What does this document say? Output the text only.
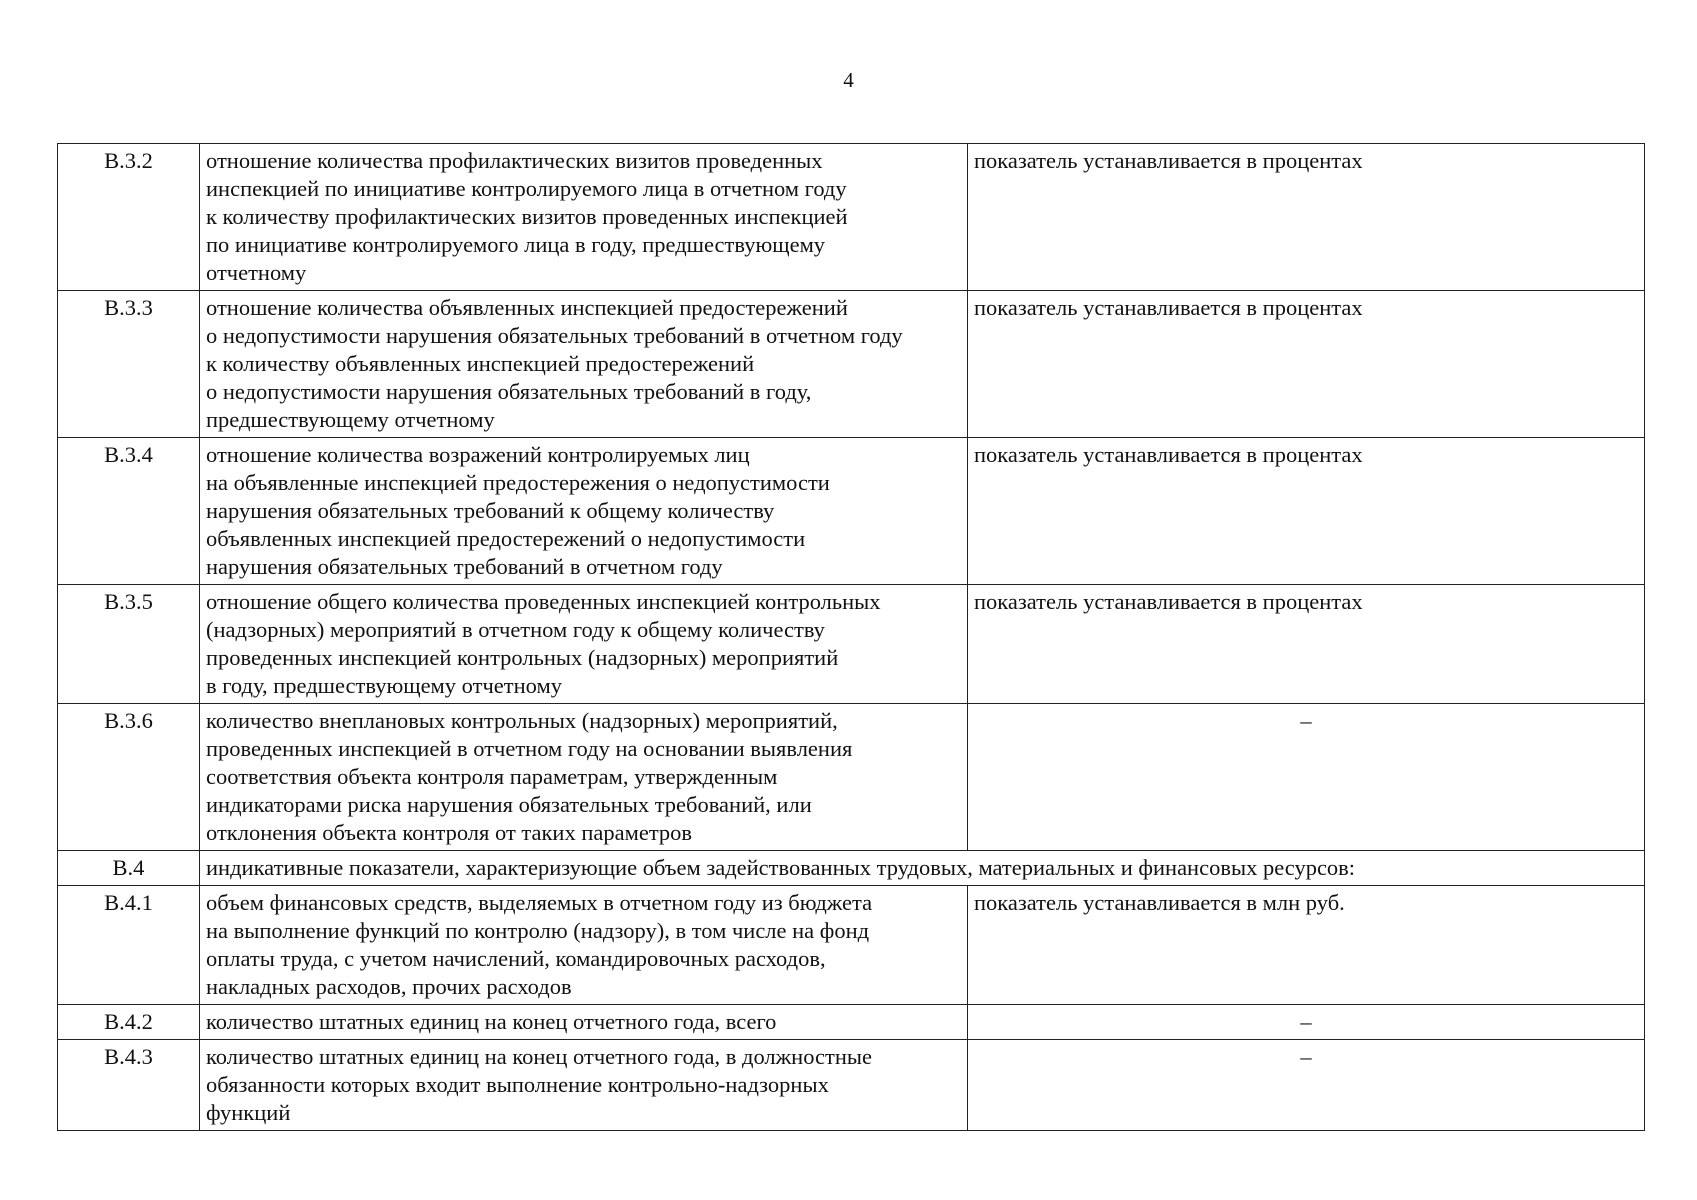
4
В.3.2	отношение количества профилактических визитов проведенных
инспекцией по инициативе контролируемого лица в отчетном году
к количеству профилактических визитов проведенных инспекцией
по инициативе контролируемого лица в году, предшествующему
отчетному	показатель устанавливается в процентах
В.3.3	отношение количества объявленных инспекцией предостережений
о недопустимости нарушения обязательных требований в отчетном году
к количеству объявленных инспекцией предостережений
о недопустимости нарушения обязательных требований в году,
предшествующему отчетному	показатель устанавливается в процентах
В.3.4	отношение количества возражений контролируемых лиц
на объявленные инспекцией предостережения о недопустимости
нарушения обязательных требований к общему количеству
объявленных инспекцией предостережений о недопустимости
нарушения обязательных требований в отчетном году	показатель устанавливается в процентах
В.3.5	отношение общего количества проведенных инспекцией контрольных
(надзорных) мероприятий в отчетном году к общему количеству
проведенных инспекцией контрольных (надзорных) мероприятий
в году, предшествующему отчетному	показатель устанавливается в процентах
В.3.6	количество внеплановых контрольных (надзорных) мероприятий,
проведенных инспекцией в отчетном году на основании выявления
соответствия объекта контроля параметрам, утвержденным
индикаторами риска нарушения обязательных требований, или
отклонения объекта контроля от таких параметров	–
В.4	индикативные показатели, характеризующие объем задействованных трудовых, материальных и финансовых ресурсов:	
В.4.1	объем финансовых средств, выделяемых в отчетном году из бюджета
на выполнение функций по контролю (надзору), в том числе на фонд
оплаты труда, с учетом начислений, командировочных расходов,
накладных расходов, прочих расходов	показатель устанавливается в млн руб.
В.4.2	количество штатных единиц на конец отчетного года, всего	–
В.4.3	количество штатных единиц на конец отчетного года, в должностные
обязанности которых входит выполнение контрольно-надзорных
функций	–
